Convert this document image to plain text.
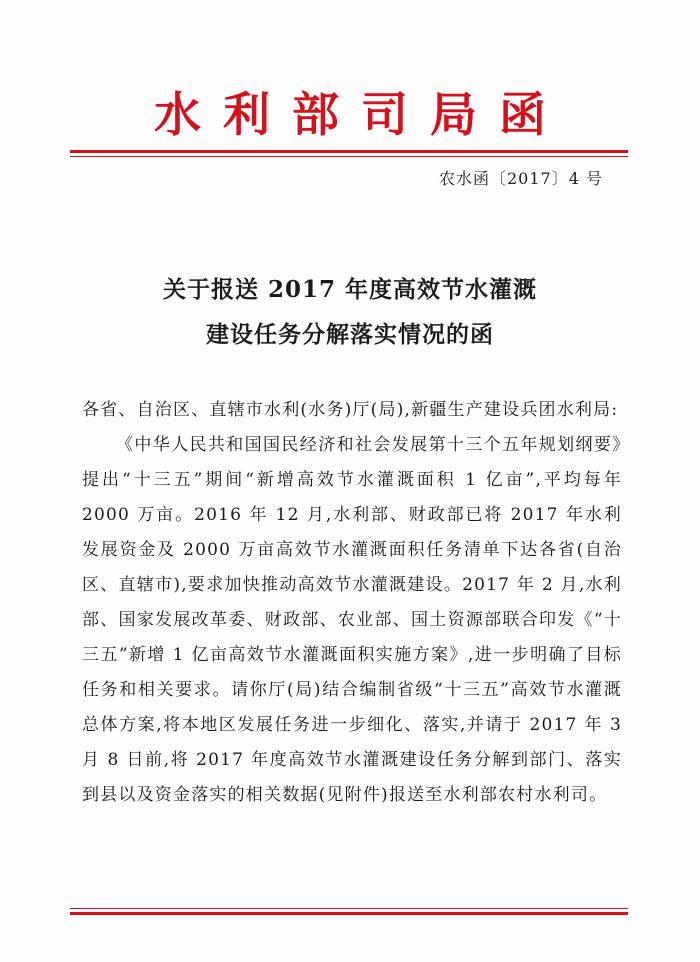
水利部司局函
农水函〔2017〕4 号
关于报送 2017 年度高效节水灌溉
建设任务分解落实情况的函

各省、自治区、直辖市水利(水务)厅(局),新疆生产建设兵团水利局:

《中华人民共和国国民经济和社会发展第十三个五年规划纲要》提出“十三五”期间“新增高效节水灌溉面积 1 亿亩”,平均每年 2000 万亩。2016 年 12 月,水利部、财政部已将 2017 年水利发展资金及 2000 万亩高效节水灌溉面积任务清单下达各省(自治区、直辖市),要求加快推动高效节水灌溉建设。2017 年 2 月,水利部、国家发展改革委、财政部、农业部、国土资源部联合印发《“十三五”新增 1 亿亩高效节水灌溉面积实施方案》,进一步明确了目标任务和相关要求。请你厅(局)结合编制省级“十三五”高效节水灌溉总体方案,将本地区发展任务进一步细化、落实,并请于 2017 年 3 月 8 日前,将 2017 年度高效节水灌溉建设任务分解到部门、落实到县以及资金落实的相关数据(见附件)报送至水利部农村水利司。
